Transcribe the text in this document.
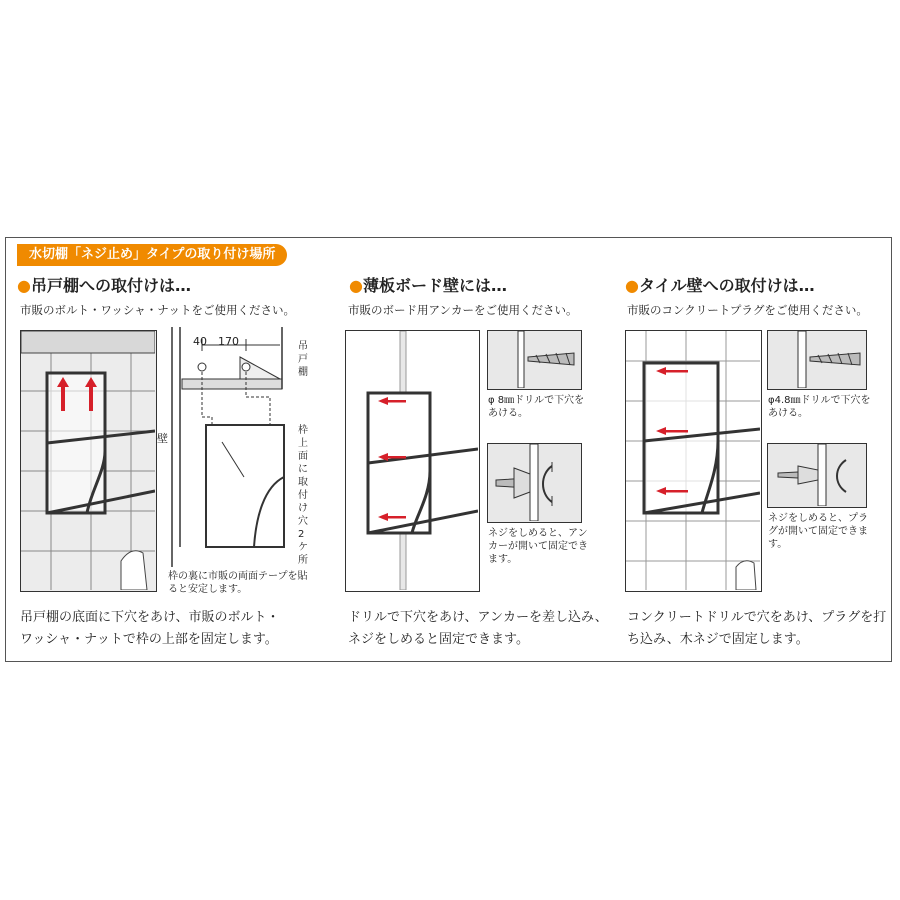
水切棚「ネジ止め」タイプの取り付け場所
●吊戸棚への取付けは…
市販のボルト・ワッシャ・ナットをご使用ください。
40 170	吊戸棚
壁
枠上面に取付け穴2ケ所
枠の裏に市販の両面テープを貼ると安定します。
吊戸棚の底面に下穴をあけ、市販のボルト・ワッシャ・ナットで枠の上部を固定します。
●薄板ボード壁には…
市販のボード用アンカーをご使用ください。
φ 8㎜ドリルで下穴をあける。
ネジをしめると、アンカーが開いて固定できます。
ドリルで下穴をあけ、アンカーを差し込み、ネジをしめると固定できます。
●タイル壁への取付けは…
市販のコンクリートプラグをご使用ください。
φ4.8㎜ドリルで下穴をあける。
ネジをしめると、プラグが開いて固定できます。
コンクリートドリルで穴をあけ、プラグを打ち込み、木ネジで固定します。
